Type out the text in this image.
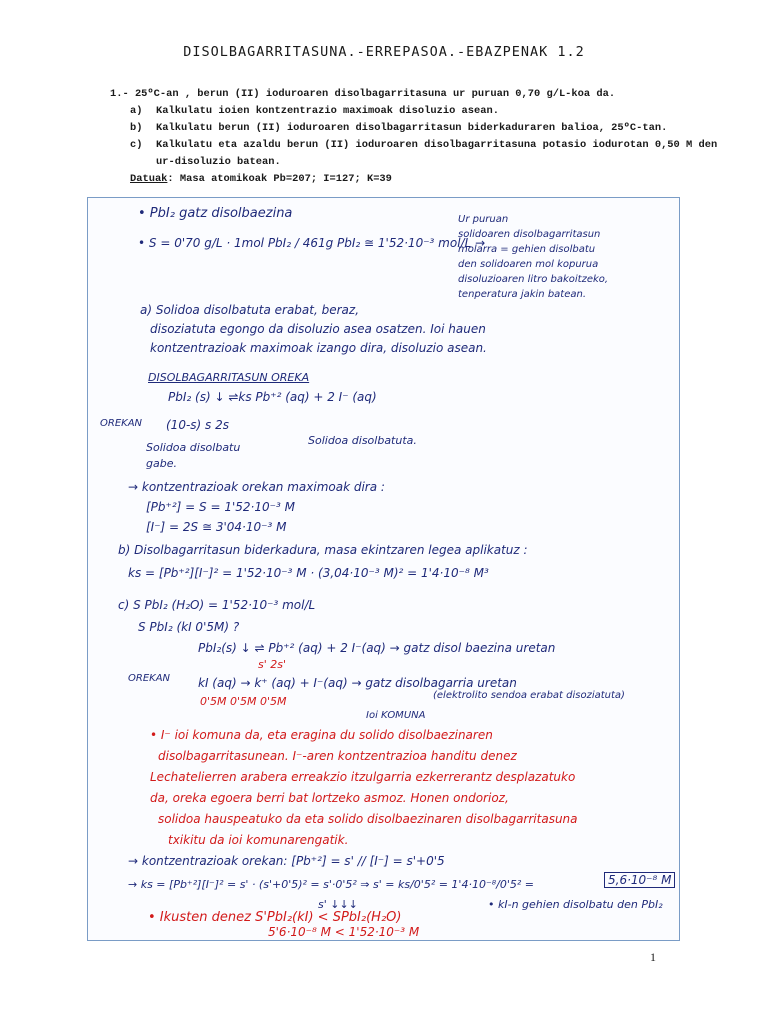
DISOLBAGARRITASUNA.-ERREPASOA.-EBAZPENAK 1.2
1.- 25ºC-an , berun (II) ioduroaren disolbagarritasuna ur puruan 0,70 g/L-koa da.
a)	Kalkulatu ioien kontzentrazio maximoak disoluzio asean.
b)	Kalkulatu berun (II) ioduroaren disolbagarritasun biderkaduraren balioa, 25ºC-tan.
c)	Kalkulatu eta azaldu berun (II) ioduroaren disolbagarritasuna potasio iodurotan 0,50 M den ur-disoluzio batean.
Datuak: Masa atomikoak Pb=207; I=127; K=39
• PbI₂ gatz disolbaezina
• S = 0'70 g/L · 1mol PbI₂ / 461g PbI₂ ≅ 1'52·10⁻³ mol/L →
Ur puruan
solidoaren disolbagarritasun
molarra = gehien disolbatu
den solidoaren mol kopurua
disoluzioaren litro bakoitzeko,
tenperatura jakin batean.
a) Solidoa disolbatuta erabat, beraz,
disoziatuta egongo da disoluzio asea osatzen. Ioi hauen
kontzentrazioak maximoak izango dira, disoluzio asean.
DISOLBAGARRITASUN OREKA
PbI₂ (s) ↓ ⇌ks Pb⁺² (aq) + 2 I⁻ (aq)
OREKAN (10-s) s 2s
Solidoa disolbatu
gabe.
Solidoa disolbatuta.
→ kontzentrazioak orekan maximoak dira :
[Pb⁺²] = S = 1'52·10⁻³ M
[I⁻] = 2S ≅ 3'04·10⁻³ M
b) Disolbagarritasun biderkadura, masa ekintzaren legea aplikatuz :
ks = [Pb⁺²][I⁻]² = 1'52·10⁻³ M · (3,04·10⁻³ M)² = 1'4·10⁻⁸ M³
c) S PbI₂ (H₂O) = 1'52·10⁻³ mol/L
S PbI₂ (kI 0'5M) ?
PbI₂(s) ↓ ⇌ Pb⁺² (aq) + 2 I⁻(aq) → gatz disol baezina uretan
s' 2s'
OREKAN kI (aq) → k⁺ (aq) + I⁻(aq) → gatz disolbagarria uretan
0'5M 0'5M 0'5M	(elektrolito sendoa erabat disoziatuta)
Ioi KOMUNA
• I⁻ ioi komuna da, eta eragina du solido disolbaezinaren
disolbagarritasunean. I⁻-aren kontzentrazioa handitu denez
Lechatelierren arabera erreakzio itzulgarria ezkerrerantz desplazatuko
da, oreka egoera berri bat lortzeko asmoz. Honen ondorioz,
solidoa hauspeatuko da eta solido disolbaezinaren disolbagarritasuna
txikitu da ioi komunarengatik.
→ kontzentrazioak orekan: [Pb⁺²] = s' // [I⁻] = s'+0'5
→ ks = [Pb⁺²][I⁻]² = s' · (s'+0'5)² = s'·0'5² ⇒ s' = ks/0'5² = 1'4·10⁻⁸/0'5² =	5,6·10⁻⁸ M
s' ↓↓↓	• kI-n gehien disolbatu den PbI₂
• Ikusten denez S'PbI₂(kI) < SPbI₂(H₂O)
5'6·10⁻⁸ M < 1'52·10⁻³ M
1
